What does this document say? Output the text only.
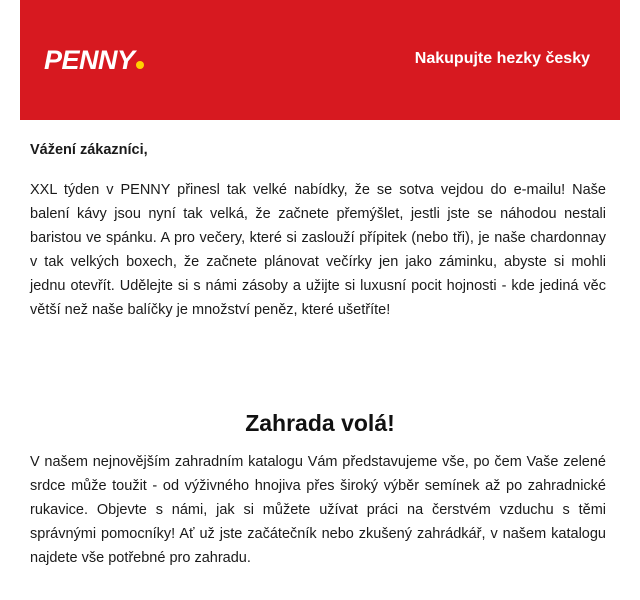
PENNY	Nakupujte hezky česky

Vážení zákazníci,

XXL týden v PENNY přinesl tak velké nabídky, že se sotva vejdou do e-mailu! Naše balení kávy jsou nyní tak velká, že začnete přemýšlet, jestli jste se náhodou nestali baristou ve spánku. A pro večery, které si zaslouží přípitek (nebo tři), je naše chardonnay v tak velkých boxech, že začnete plánovat večírky jen jako záminku, abyste si mohli jednu otevřít. Udělejte si s námi zásoby a užijte si luxusní pocit hojnosti - kde jediná věc větší než naše balíčky je množství peněz, které ušetříte!

Zahrada volá!

V našem nejnovějším zahradním katalogu Vám představujeme vše, po čem Vaše zelené srdce může toužit - od výživného hnojiva přes široký výběr semínek až po zahradnické rukavice. Objevte s námi, jak si můžete užívat práci na čerstvém vzduchu s těmi správnými pomocníky! Ať už jste začátečník nebo zkušený zahrádkář, v našem katalogu najdete vše potřebné pro zahradu.
